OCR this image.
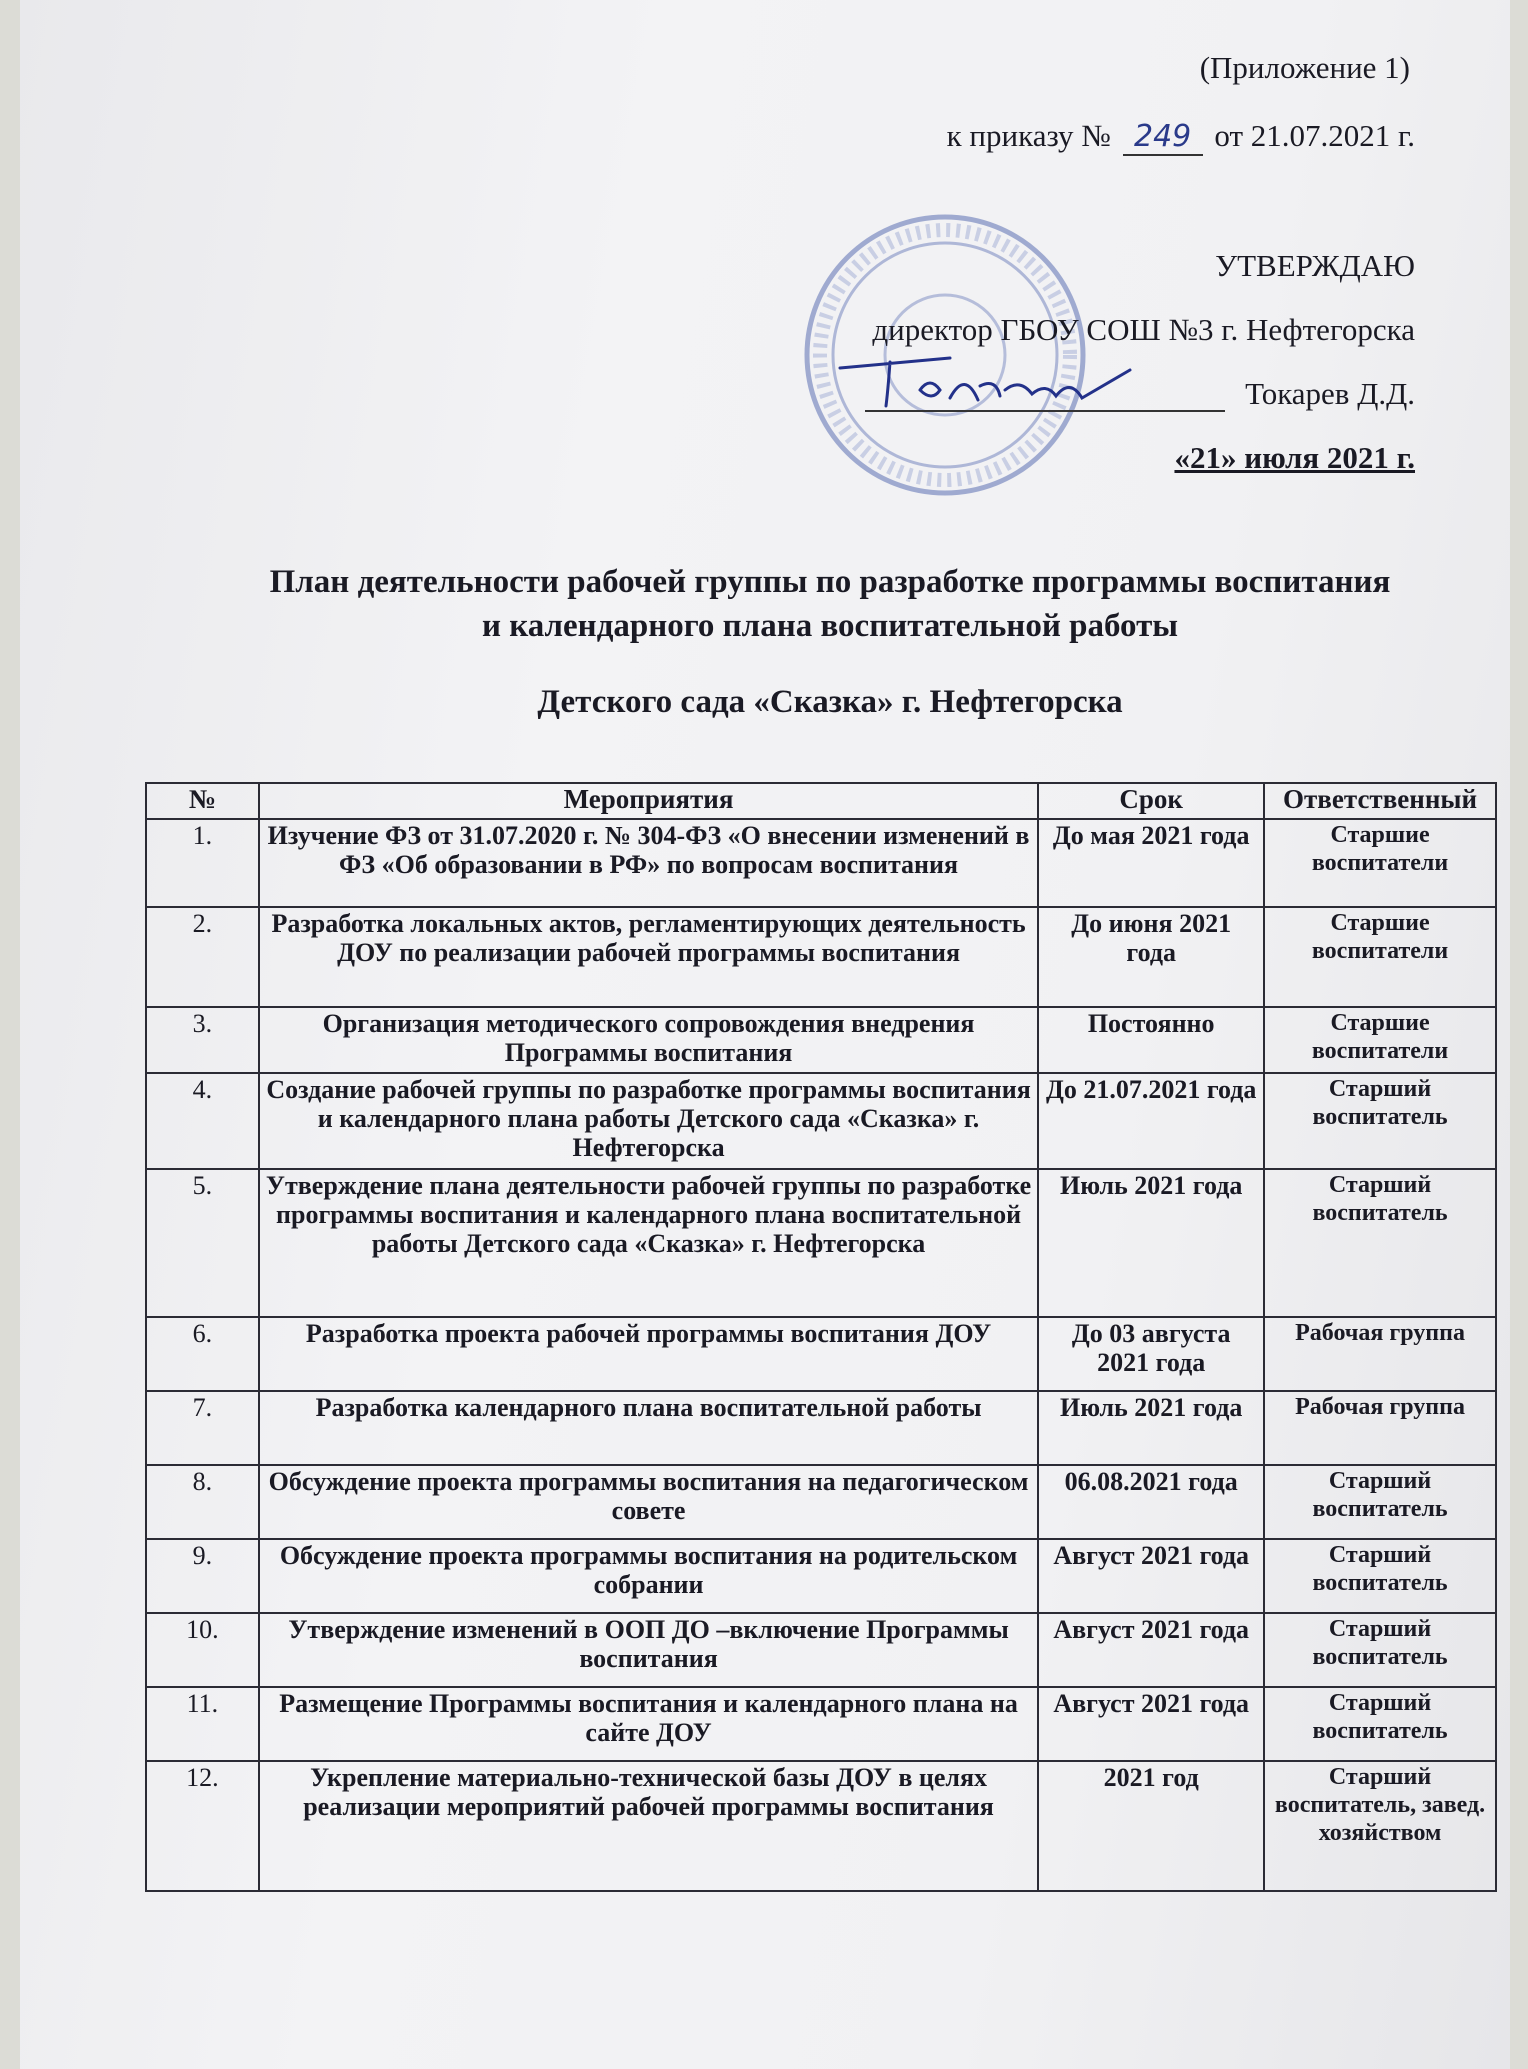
(Приложение 1)
к приказу № 249 от 21.07.2021 г.
УТВЕРЖДАЮ
директор ГБОУ СОШ №3 г. Нефтегорска
Токарев Д.Д.
«21» июля 2021 г.
План деятельности рабочей группы по разработке программы воспитания и календарного плана воспитательной работы
Детского сада «Сказка» г. Нефтегорска
№	Мероприятия	Срок	Ответственный
1.	Изучение ФЗ от 31.07.2020 г. № 304-ФЗ «О внесении изменений в ФЗ «Об образовании в РФ» по вопросам воспитания	До мая 2021 года	Старшие воспитатели
2.	Разработка локальных актов, регламентирующих деятельность ДОУ по реализации рабочей программы воспитания	До июня 2021 года	Старшие воспитатели
3.	Организация методического сопровождения внедрения Программы воспитания	Постоянно	Старшие воспитатели
4.	Создание рабочей группы по разработке программы воспитания и календарного плана работы Детского сада «Сказка» г. Нефтегорска	До 21.07.2021 года	Старший воспитатель
5.	Утверждение плана деятельности рабочей группы по разработке программы воспитания и календарного плана воспитательной работы Детского сада «Сказка» г. Нефтегорска	Июль 2021 года	Старший воспитатель
6.	Разработка проекта рабочей программы воспитания ДОУ	До 03 августа 2021 года	Рабочая группа
7.	Разработка календарного плана воспитательной работы	Июль 2021 года	Рабочая группа
8.	Обсуждение проекта программы воспитания на педагогическом совете	06.08.2021 года	Старший воспитатель
9.	Обсуждение проекта программы воспитания на родительском собрании	Август 2021 года	Старший воспитатель
10.	Утверждение изменений в ООП ДО –включение Программы воспитания	Август 2021 года	Старший воспитатель
11.	Размещение Программы воспитания и календарного плана на сайте ДОУ	Август 2021 года	Старший воспитатель
12.	Укрепление материально-технической базы ДОУ в целях реализации мероприятий рабочей программы воспитания	2021 год	Старший воспитатель, завед. хозяйством
